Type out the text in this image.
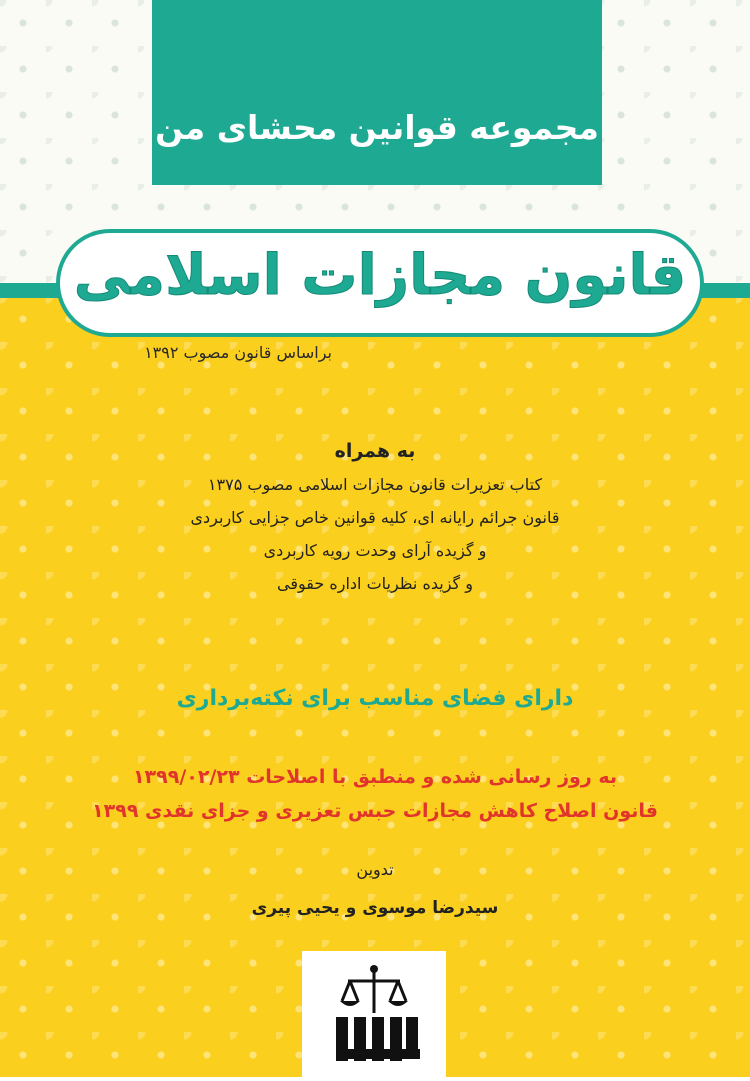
مجموعه قوانین محشای من
قانون مجازات اسلامی
براساس قانون مصوب ۱۳۹۲
به همراه
کتاب تعزیرات قانون مجازات اسلامی مصوب ۱۳۷۵
قانون جرائم رایانه ای، کلیه قوانین خاص جزایی کاربردی
و گزیده آرای وحدت رویه کاربردی
و گزیده نظریات اداره حقوقی
دارای فضای مناسب برای نکته‌برداری
به روز رسانی شده و منطبق با اصلاحات ۱۳۹۹/۰۲/۲۳
قانون اصلاح کاهش مجازات حبس تعزیری و جزای نقدی ۱۳۹۹
تدوین
سیدرضا موسوی و یحیی پیری
